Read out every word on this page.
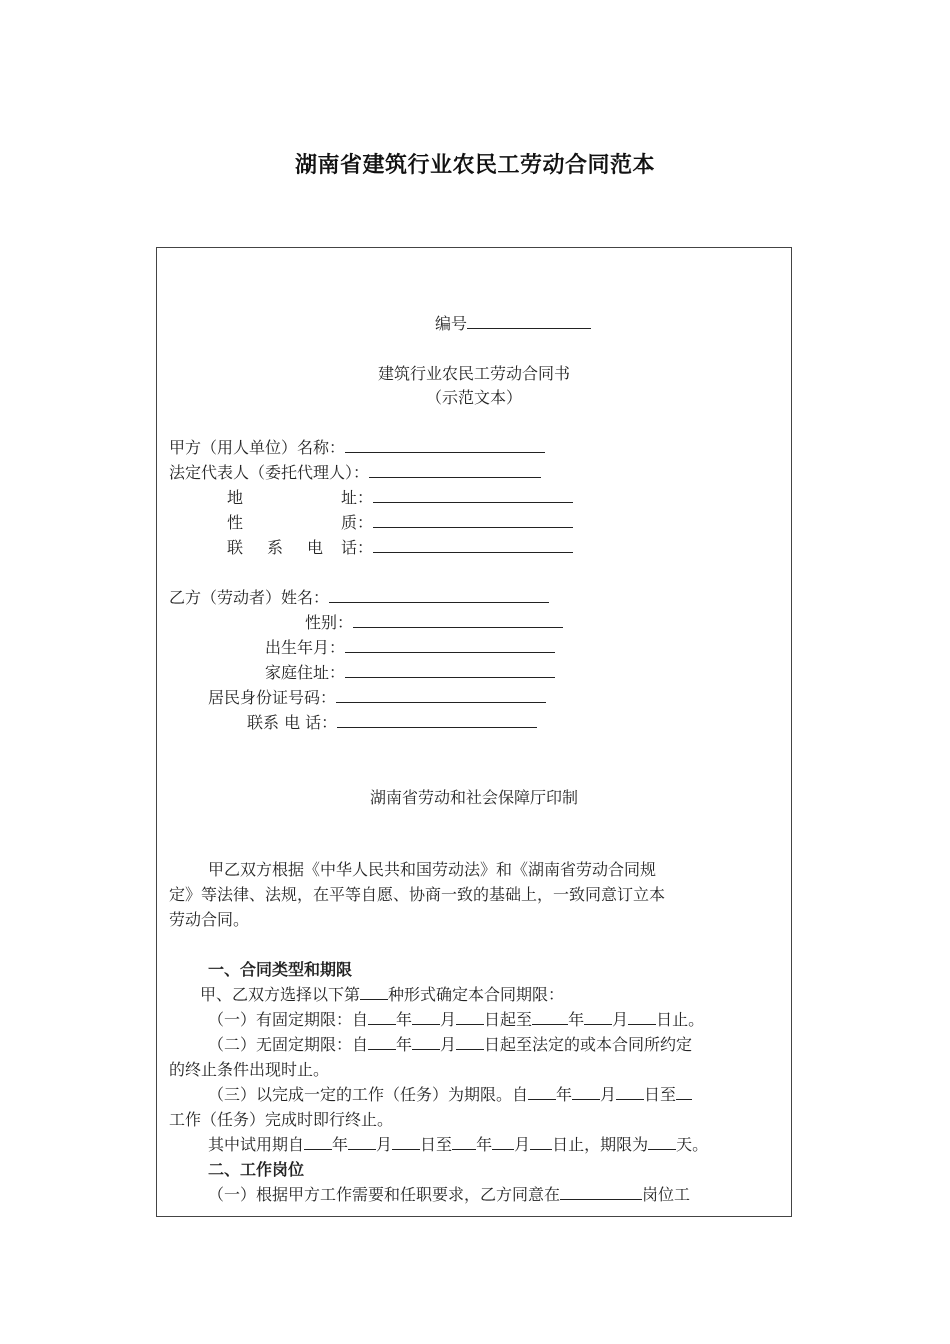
湖南省建筑行业农民工劳动合同范本
编号
建筑行业农民工劳动合同书
（示范文本）
甲方（用人单位）名称：
法定代表人（委托代理人）：
地	址：
性	质：
联 系 电 话：
乙方（劳动者）姓名：
性别：
出生年月：
家庭住址：
居民身份证号码：
联系 电 话：
湖南省劳动和社会保障厅印制
甲乙双方根据《中华人民共和国劳动法》和《湖南省劳动合同规
定》等法律、法规，在平等自愿、协商一致的基础上，一致同意订立本
劳动合同。
一、合同类型和期限
甲、乙双方选择以下第 种形式确定本合同期限：
（一）有固定期限：自 年 月 日起至 年 月 日止。
（二）无固定期限：自 年 月 日起至法定的或本合同所约定
的终止条件出现时止。
（三）以完成一定的工作（任务）为期限。自 年 月 日至
工作（任务）完成时即行终止。
其中试用期自 年 月 日至 年 月 日止，期限为 天。
二、工作岗位
（一）根据甲方工作需要和任职要求，乙方同意在	岗位工
